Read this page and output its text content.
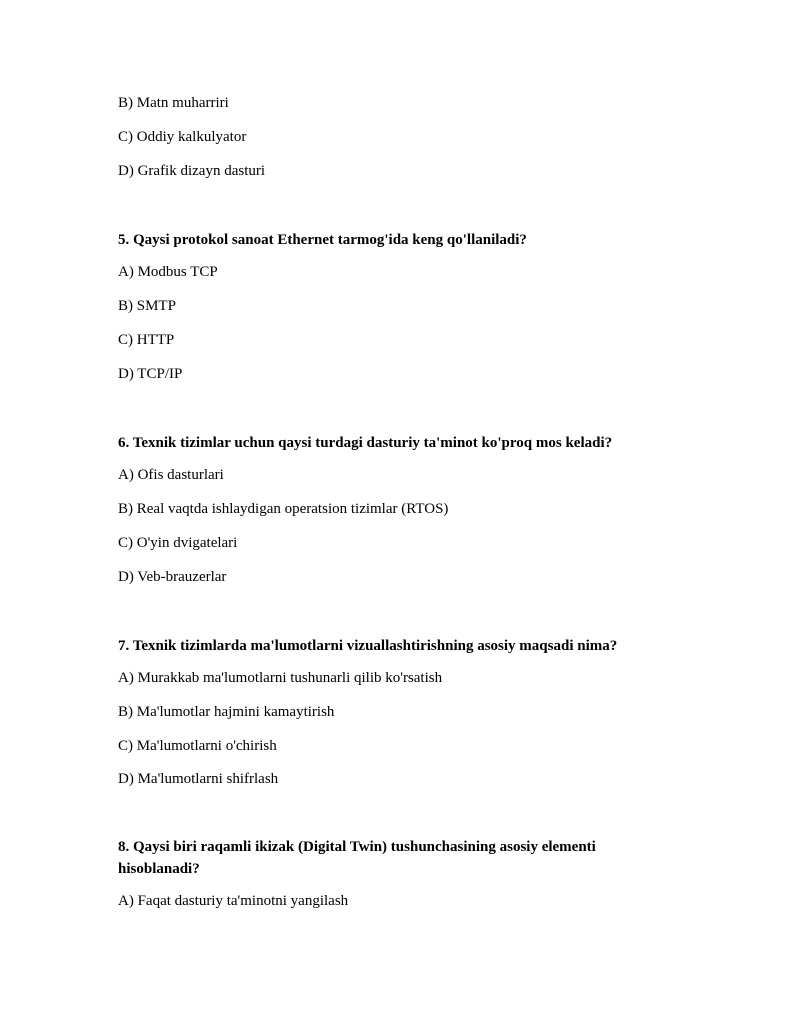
B) Matn muharriri
C) Oddiy kalkulyator
D) Grafik dizayn dasturi
5. Qaysi protokol sanoat Ethernet tarmog'ida keng qo'llaniladi?
A) Modbus TCP
B) SMTP
C) HTTP
D) TCP/IP
6. Texnik tizimlar uchun qaysi turdagi dasturiy ta'minot ko'proq mos keladi?
A) Ofis dasturlari
B) Real vaqtda ishlaydigan operatsion tizimlar (RTOS)
C) O'yin dvigatelari
D) Veb-brauzerlar
7. Texnik tizimlarda ma'lumotlarni vizuallashtirishning asosiy maqsadi nima?
A) Murakkab ma'lumotlarni tushunarli qilib ko'rsatish
B) Ma'lumotlar hajmini kamaytirish
C) Ma'lumotlarni o'chirish
D) Ma'lumotlarni shifrlash
8. Qaysi biri raqamli ikizak (Digital Twin) tushunchasining asosiy elementi hisoblanadi?
A) Faqat dasturiy ta'minotni yangilash
